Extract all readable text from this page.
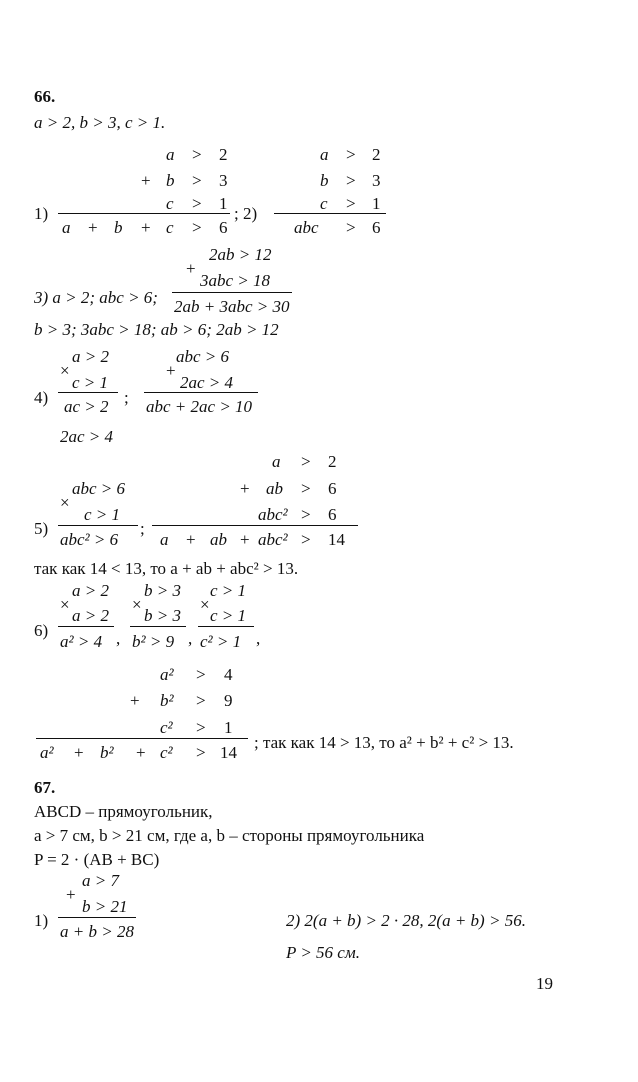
66.
a > 2, b > 3, c > 1.
a > 2
+ b > 3
c > 1
1)
a + b + c > 6
; 2)
a > 2
b > 3
c > 1
abc > 6
2ab > 12
+
3abc > 18
3) a > 2; abc > 6; 2ab + 3abc > 30
b > 3; 3abc > 18; ab > 6; 2ab > 12
a > 2
×
c > 1
4) ac > 2 ;
abc > 6
+
2ac > 4
abc + 2ac > 10
2ac > 4
abc > 6
×
c > 1
5)
abc² > 6
;
a > 2
+ ab > 6
abc² > 6
a + ab + abc² > 14
так как 14 < 13, то a + ab + abc² > 13.
6)
a > 2
×
a > 2
a² > 4 ,
b > 3
×
b > 3
b² > 9 ,
c > 1
×
c > 1
c² > 1 ,
a² > 4
+ b² > 9
c² > 1
a² + b² + c² > 14
; так как 14 > 13, то a² + b² + c² > 13.
67.
ABCD – прямоугольник,
a > 7 см, b > 21 см, где a, b – стороны прямоугольника
P = 2 · (AB + BC)
a > 7
+
b > 21
1)
a + b > 28
2) 2(a + b) > 2 · 28, 2(a + b) > 56.
P > 56 см.
19
